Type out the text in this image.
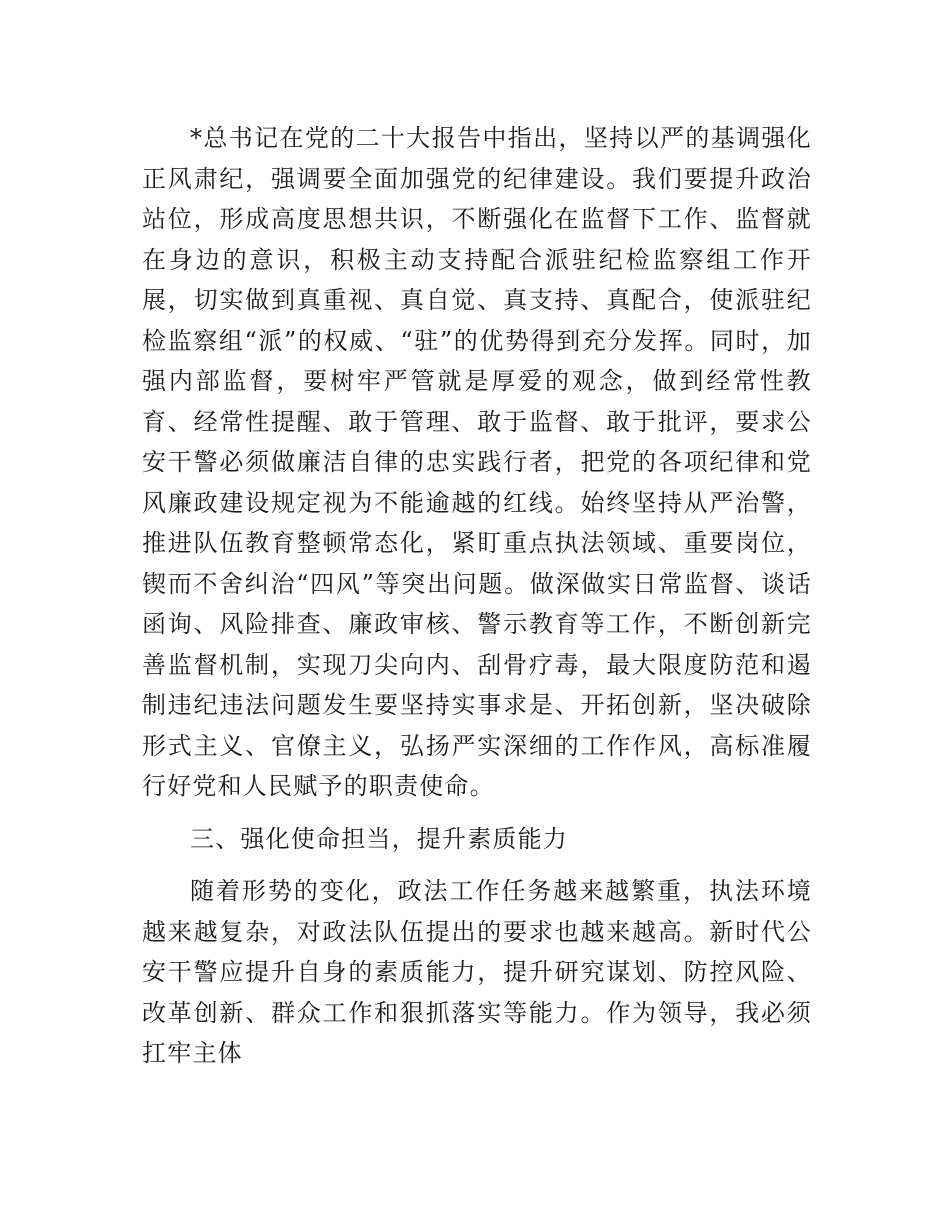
*总书记在党的二十大报告中指出，坚持以严的基调强化正风肃纪，强调要全面加强党的纪律建设。我们要提升政治站位，形成高度思想共识，不断强化在监督下工作、监督就在身边的意识，积极主动支持配合派驻纪检监察组工作开展，切实做到真重视、真自觉、真支持、真配合，使派驻纪检监察组“派”的权威、“驻”的优势得到充分发挥。同时，加强内部监督，要树牢严管就是厚爱的观念，做到经常性教育、经常性提醒、敢于管理、敢于监督、敢于批评，要求公安干警必须做廉洁自律的忠实践行者，把党的各项纪律和党风廉政建设规定视为不能逾越的红线。始终坚持从严治警，推进队伍教育整顿常态化，紧盯重点执法领域、重要岗位，锲而不舍纠治“四风”等突出问题。做深做实日常监督、谈话函询、风险排查、廉政审核、警示教育等工作，不断创新完善监督机制，实现刀尖向内、刮骨疗毒，最大限度防范和遏制违纪违法问题发生要坚持实事求是、开拓创新，坚决破除形式主义、官僚主义，弘扬严实深细的工作作风，高标准履行好党和人民赋予的职责使命。

三、强化使命担当，提升素质能力

随着形势的变化，政法工作任务越来越繁重，执法环境越来越复杂，对政法队伍提出的要求也越来越高。新时代公安干警应提升自身的素质能力，提升研究谋划、防控风险、改革创新、群众工作和狠抓落实等能力。作为领导，我必须扛牢主体
